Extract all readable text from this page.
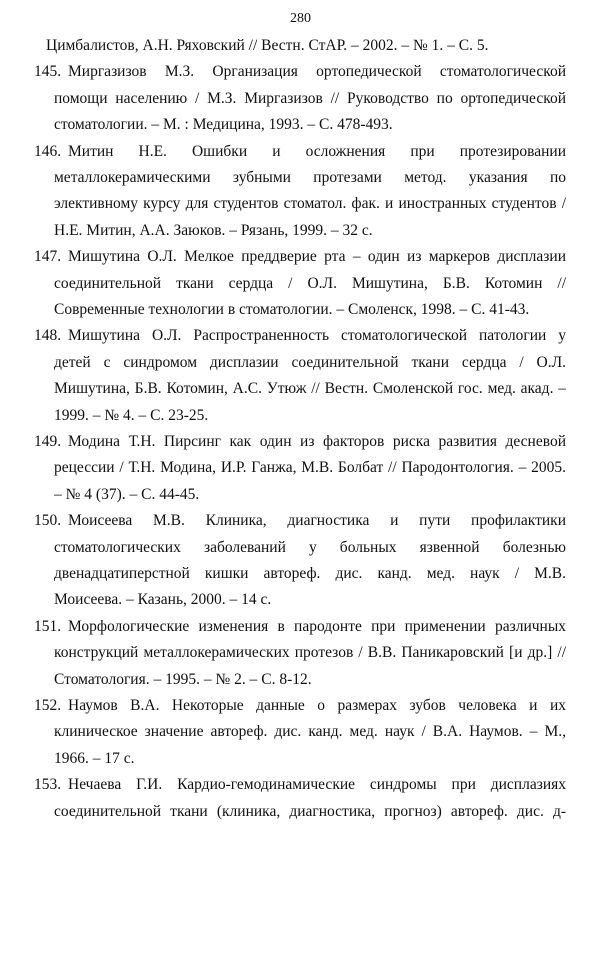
280
Цимбалистов, А.Н. Ряховский // Вестн. СтАР. – 2002. – № 1. – С. 5.
145. Миргазизов М.З. Организация ортопедической стоматологической
помощи населению / М.З. Миргазизов // Руководство по ортопедической
стоматологии. – М. : Медицина, 1993. – С. 478-493.
146. Митин Н.Е. Ошибки и осложнения при протезировании
металлокерамическими зубными протезами метод. указания по
элективному курсу для студентов стоматол. фак. и иностранных студентов /
Н.Е. Митин, А.А. Заюков. – Рязань, 1999. – 32 с.
147. Мишутина О.Л. Мелкое преддверие рта – один из маркеров дисплазии
соединительной ткани сердца / О.Л. Мишутина, Б.В. Котомин //
Современные технологии в стоматологии. – Смоленск, 1998. – С. 41-43.
148. Мишутина О.Л. Распространенность стоматологической патологии у
детей с синдромом дисплазии соединительной ткани сердца / О.Л.
Мишутина, Б.В. Котомин, А.С. Утюж // Вестн. Смоленской гос. мед. акад. –
1999. – № 4. – С. 23-25.
149. Модина Т.Н. Пирсинг как один из факторов риска развития десневой
рецессии / Т.Н. Модина, И.Р. Ганжа, М.В. Болбат // Пародонтология. – 2005.
– № 4 (37). – С. 44-45.
150. Моисеева М.В. Клиника, диагностика и пути профилактики
стоматологических заболеваний у больных язвенной болезнью
двенадцатиперстной кишки автореф. дис. канд. мед. наук / М.В.
Моисеева. – Казань, 2000. – 14 с.
151. Морфологические изменения в пародонте при применении различных
конструкций металлокерамических протезов / В.В. Паникаровский [и др.] //
Стоматология. – 1995. – № 2. – С. 8-12.
152. Наумов В.А. Некоторые данные о размерах зубов человека и их
клиническое значение автореф. дис. канд. мед. наук / В.А. Наумов. – М.,
1966. – 17 с.
153. Нечаева Г.И. Кардио-гемодинамические синдромы при дисплазиях
соединительной ткани (клиника, диагностика, прогноз) автореф. дис. д-
